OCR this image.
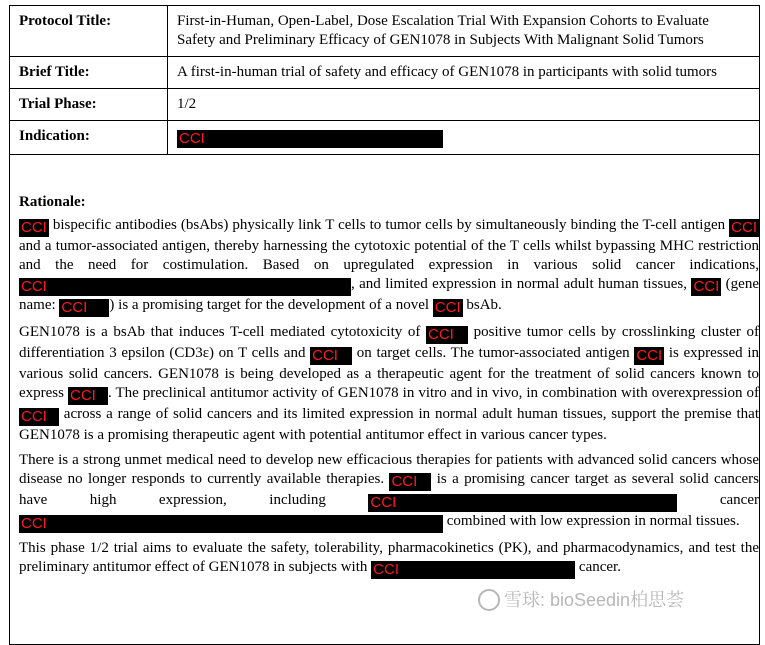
Protocol Title:	First-in-Human, Open-Label, Dose Escalation Trial With Expansion Cohorts to Evaluate Safety and Preliminary Efficacy of GEN1078 in Subjects With Malignant Solid Tumors
Brief Title:	A first-in-human trial of safety and efficacy of GEN1078 in participants with solid tumors
Trial Phase:	1/2
Indication:	CCI
Rationale:

CCI bispecific antibodies (bsAbs) physically link T cells to tumor cells by simultaneously binding the T-cell antigen CCI and a tumor-associated antigen, thereby harnessing the cytotoxic potential of the T cells whilst bypassing MHC restriction and the need for costimulation. Based on upregulated expression in various solid cancer indications, CCI	, and limited expression in normal adult human tissues, CCI (gene name: CCI ) is a promising target for the development of a novel CCI bsAb.

GEN1078 is a bsAb that induces T-cell mediated cytotoxicity of CCI positive tumor cells by crosslinking cluster of differentiation 3 epsilon (CD3ε) on T cells and CCI on target cells. The tumor-associated antigen CCI is expressed in various solid cancers. GEN1078 is being developed as a therapeutic agent for the treatment of solid cancers known to express CCI . The preclinical antitumor activity of GEN1078 in vitro and in vivo, in combination with overexpression of CCI across a range of solid cancers and its limited expression in normal adult human tissues, support the premise that GEN1078 is a promising therapeutic agent with potential antitumor effect in various cancer types.

There is a strong unmet medical need to develop new efficacious therapies for patients with advanced solid cancers whose disease no longer responds to currently available therapies. CCI is a promising cancer target as several solid cancers have high expression, including CCI	cancer CCI	combined with low expression in normal tissues.

This phase 1/2 trial aims to evaluate the safety, tolerability, pharmacokinetics (PK), and pharmacodynamics, and test the preliminary antitumor effect of GEN1078 in subjects with CCI	cancer.

雪球: bioSeedin柏思荟
